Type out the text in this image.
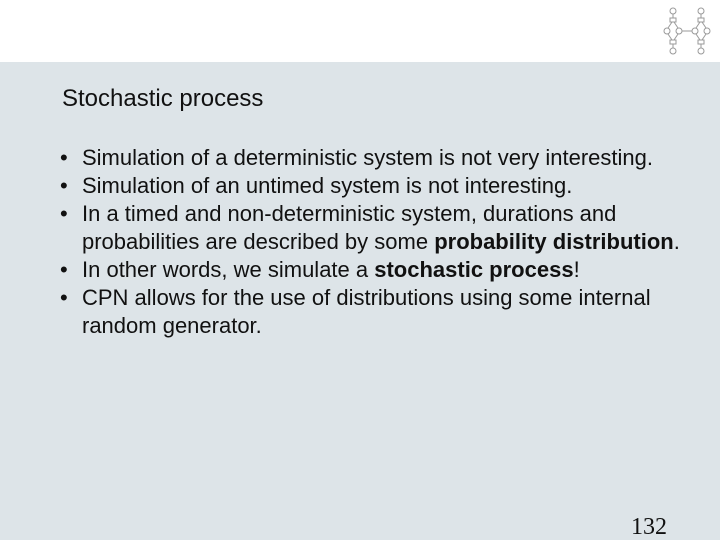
Stochastic process
• Simulation of a deterministic system is not very interesting.
• Simulation of an untimed system is not interesting.
• In a timed and non-deterministic system, durations and probabilities are described by some probability distribution.
• In other words, we simulate a stochastic process!
• CPN allows for the use of distributions using some internal random generator.
132
